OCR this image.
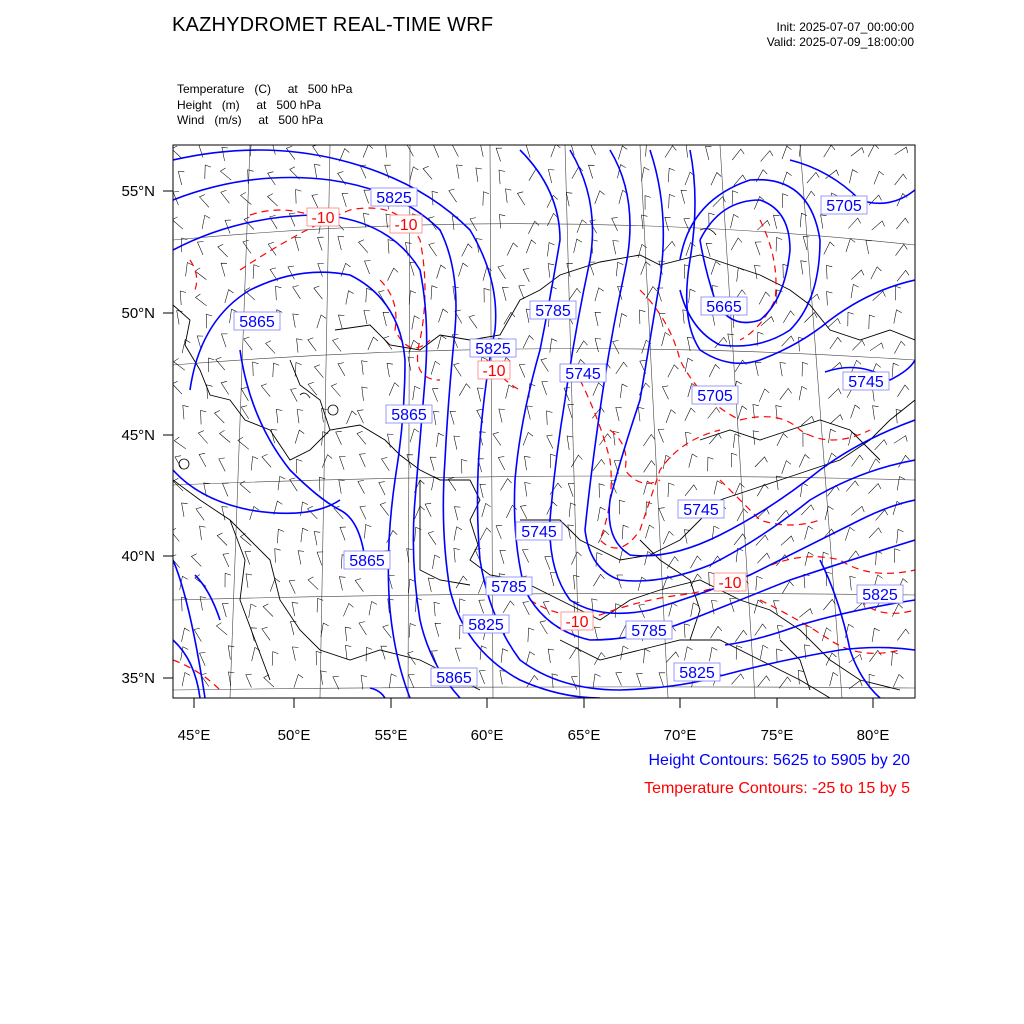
KAZHYDROMET REAL-TIME WRF	Init: 2025-07-07_00:00:00
Valid: 2025-07-09_18:00:00
Temperature   (C)     at   500 hPa
Height   (m)     at   500 hPa
Wind   (m/s)     at   500 hPa
5825	5705
5865
5785	5665
5825
5745
5865
5705
5745
5745
5745
5865
5785
5825	5785
5825
5825
5865
-10	-10
-10
-10
-10
45°E	50°E	55°E	60°E	65°E	70°E	75°E	80°E
55°N
50°N
45°N
40°N
35°N
Height Contours: 5625 to 5905 by 20
Temperature Contours: -25 to 15 by 5
